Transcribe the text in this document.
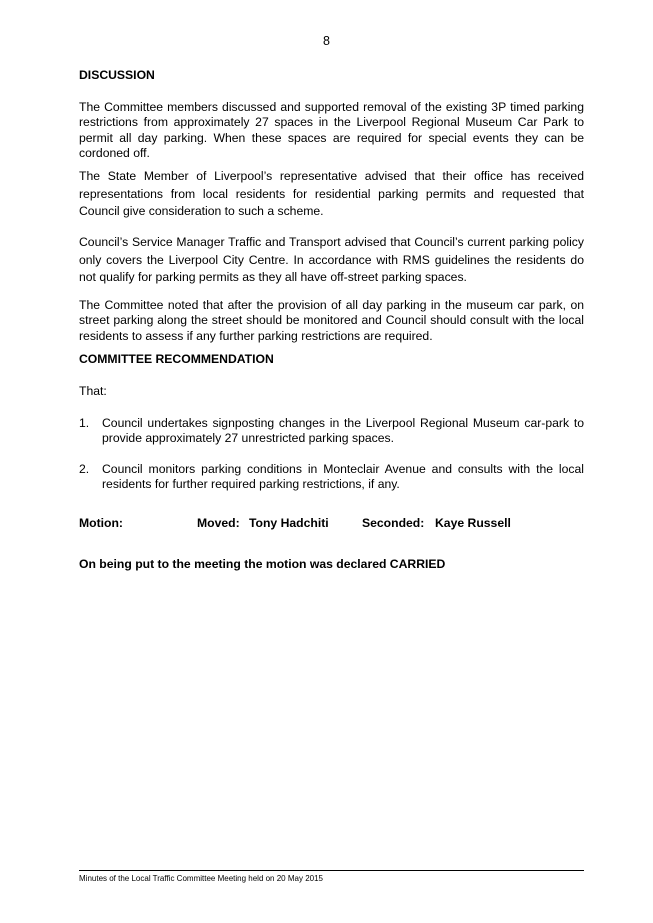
8

DISCUSSION

The Committee members discussed and supported removal of the existing 3P timed parking restrictions from approximately 27 spaces in the Liverpool Regional Museum Car Park to permit all day parking. When these spaces are required for special events they can be cordoned off.

The State Member of Liverpool’s representative advised that their office has received representations from local residents for residential parking permits and requested that Council give consideration to such a scheme.

Council’s Service Manager Traffic and Transport advised that Council’s current parking policy only covers the Liverpool City Centre. In accordance with RMS guidelines the residents do not qualify for parking permits as they all have off-street parking spaces.

The Committee noted that after the provision of all day parking in the museum car park, on street parking along the street should be monitored and Council should consult with the local residents to assess if any further parking restrictions are required.

COMMITTEE RECOMMENDATION

That:

1. Council undertakes signposting changes in the Liverpool Regional Museum car-park to provide approximately 27 unrestricted parking spaces.
2. Council monitors parking conditions in Monteclair Avenue and consults with the local residents for further required parking restrictions, if any.
Motion:	Moved: Tony Hadchiti	Seconded: Kaye Russell

On being put to the meeting the motion was declared CARRIED

Minutes of the Local Traffic Committee Meeting held on 20 May 2015
